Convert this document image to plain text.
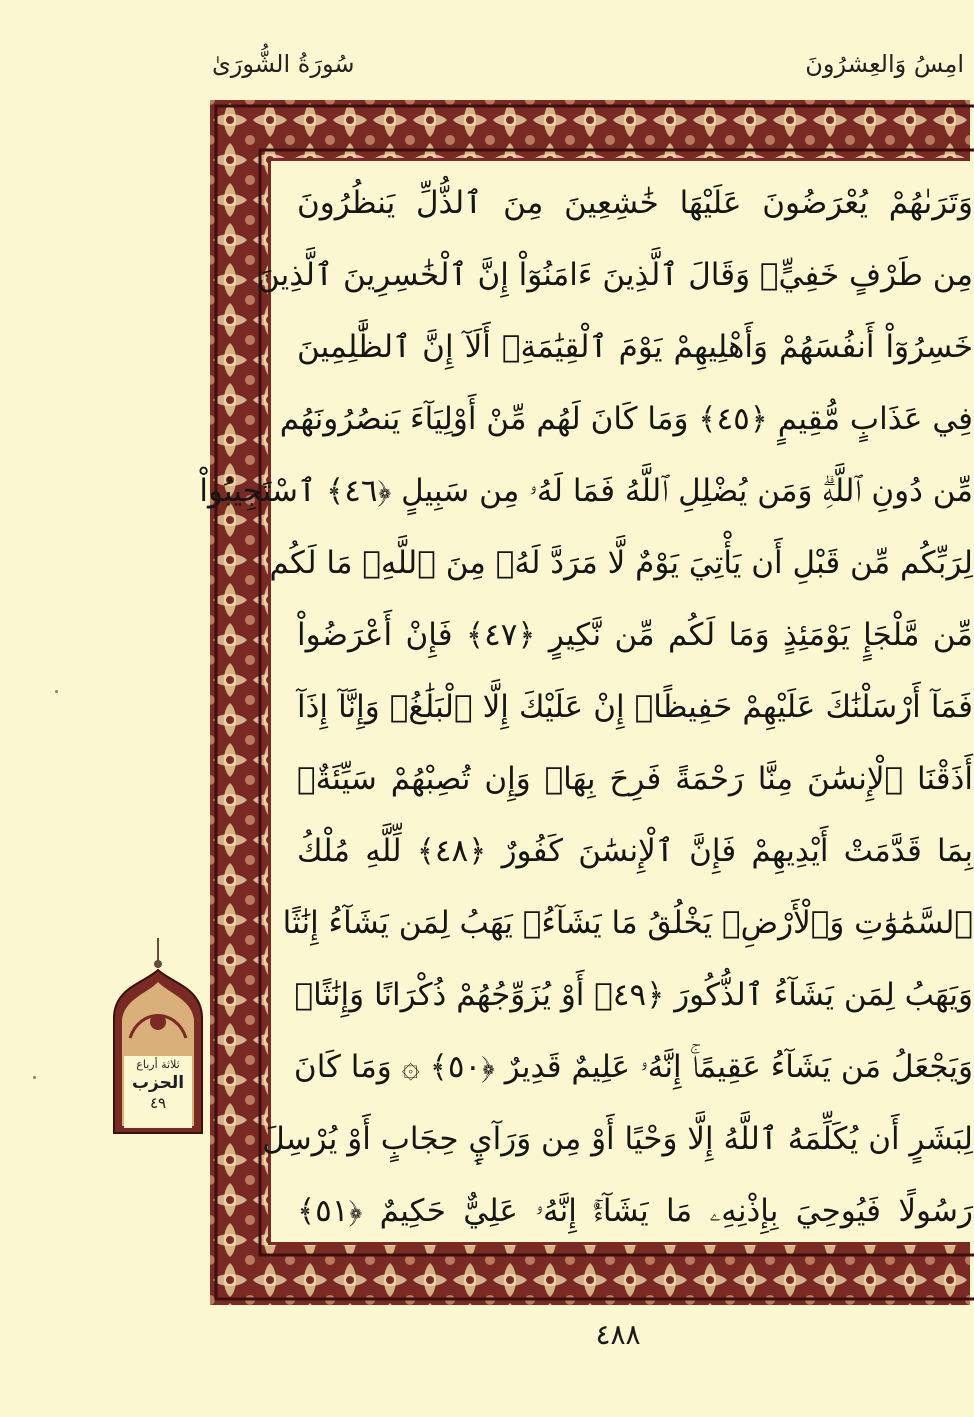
سُورَةُ الشُّورَىٰ	امِسُ وَالعِشرُونَ
وَتَرَىٰهُمْ يُعْرَضُونَ عَلَيْهَا خَٰشِعِينَ مِنَ ٱلذُّلِّ يَنظُرُونَ
مِن طَرْفٍ خَفِيٍّۗ وَقَالَ ٱلَّذِينَ ءَامَنُوٓاْ إِنَّ ٱلْخَٰسِرِينَ ٱلَّذِينَ
خَسِرُوٓاْ أَنفُسَهُمْ وَأَهْلِيهِمْ يَوْمَ ٱلْقِيَٰمَةِۗ أَلَآ إِنَّ ٱلظَّٰلِمِينَ
فِي عَذَابٍ مُّقِيمٍ ﴿٤٥﴾ وَمَا كَانَ لَهُم مِّنْ أَوْلِيَآءَ يَنصُرُونَهُم
مِّن دُونِ ٱللَّهِۗ وَمَن يُضْلِلِ ٱللَّهُ فَمَا لَهُۥ مِن سَبِيلٍ ﴿٤٦﴾ ٱسْتَجِيبُواْ
لِرَبِّكُم مِّن قَبْلِ أَن يَأْتِيَ يَوْمٌ لَّا مَرَدَّ لَهُۥ مِنَ ٱللَّهِۚ مَا لَكُم
مِّن مَّلْجَإٍ يَوْمَئِذٍ وَمَا لَكُم مِّن نَّكِيرٍ ﴿٤٧﴾ فَإِنْ أَعْرَضُواْ
فَمَآ أَرْسَلْنَٰكَ عَلَيْهِمْ حَفِيظًاۖ إِنْ عَلَيْكَ إِلَّا ٱلْبَلَٰغُۗ وَإِنَّآ إِذَآ
أَذَقْنَا ٱلْإِنسَٰنَ مِنَّا رَحْمَةً فَرِحَ بِهَاۖ وَإِن تُصِبْهُمْ سَيِّئَةٌۢ
بِمَا قَدَّمَتْ أَيْدِيهِمْ فَإِنَّ ٱلْإِنسَٰنَ كَفُورٌ ﴿٤٨﴾ لِّلَّهِ مُلْكُ
ٱلسَّمَٰوَٰتِ وَٱلْأَرْضِۚ يَخْلُقُ مَا يَشَآءُۚ يَهَبُ لِمَن يَشَآءُ إِنَٰثًا
وَيَهَبُ لِمَن يَشَآءُ ٱلذُّكُورَ ﴿٤٩﴾ أَوْ يُزَوِّجُهُمْ ذُكْرَانًا وَإِنَٰثًاۖ
وَيَجْعَلُ مَن يَشَآءُ عَقِيمًاۚ إِنَّهُۥ عَلِيمٌ قَدِيرٌ ﴿٥٠﴾ ۞ وَمَا كَانَ
لِبَشَرٍ أَن يُكَلِّمَهُ ٱللَّهُ إِلَّا وَحْيًا أَوْ مِن وَرَآيِٕ حِجَابٍ أَوْ يُرْسِلَ
رَسُولًا فَيُوحِيَ بِإِذْنِهِۦ مَا يَشَآءُۚ إِنَّهُۥ عَلِيٌّ حَكِيمٌ ﴿٥١﴾
ثلاثة أرباع
الحزب
٤٩
٤٨٨
